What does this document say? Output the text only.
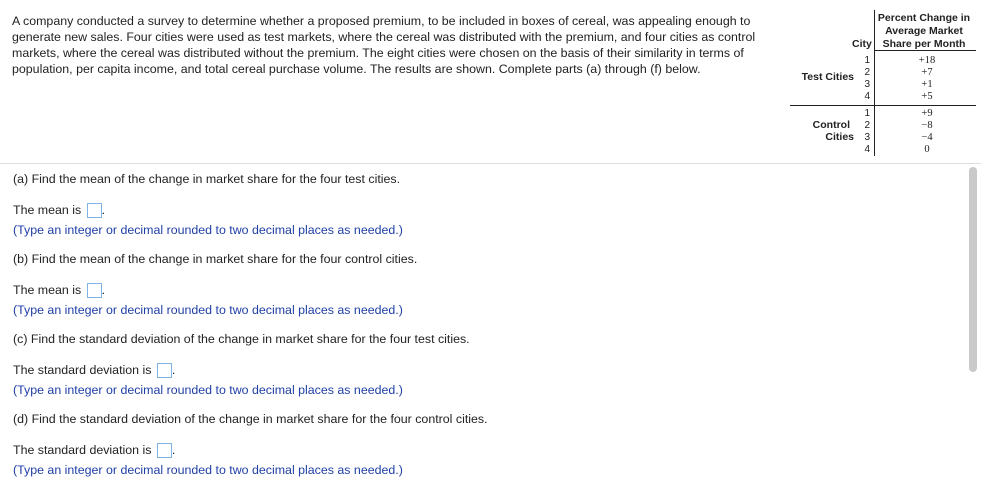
A company conducted a survey to determine whether a proposed premium, to be included in boxes of cereal, was appealing enough to generate new sales. Four cities were used as test markets, where the cereal was distributed with the premium, and four cities as control markets, where the cereal was distributed without the premium. The eight cities were chosen on the basis of their similarity in terms of population, per capita income, and total cereal purchase volume. The results are shown. Complete parts (a) through (f) below.

Percent Change in Average Market Share per Month
City
Test Cities
1
2
3
4
+18
+7
+1
+5
Control
Cities
1
2
3
4
+9
−8
−4
0
(a) Find the mean of the change in market share for the four test cities.
The mean is .
(Type an integer or decimal rounded to two decimal places as needed.)
(b) Find the mean of the change in market share for the four control cities.
The mean is .
(Type an integer or decimal rounded to two decimal places as needed.)
(c) Find the standard deviation of the change in market share for the four test cities.
The standard deviation is .
(Type an integer or decimal rounded to two decimal places as needed.)
(d) Find the standard deviation of the change in market share for the four control cities.
The standard deviation is .
(Type an integer or decimal rounded to two decimal places as needed.)
